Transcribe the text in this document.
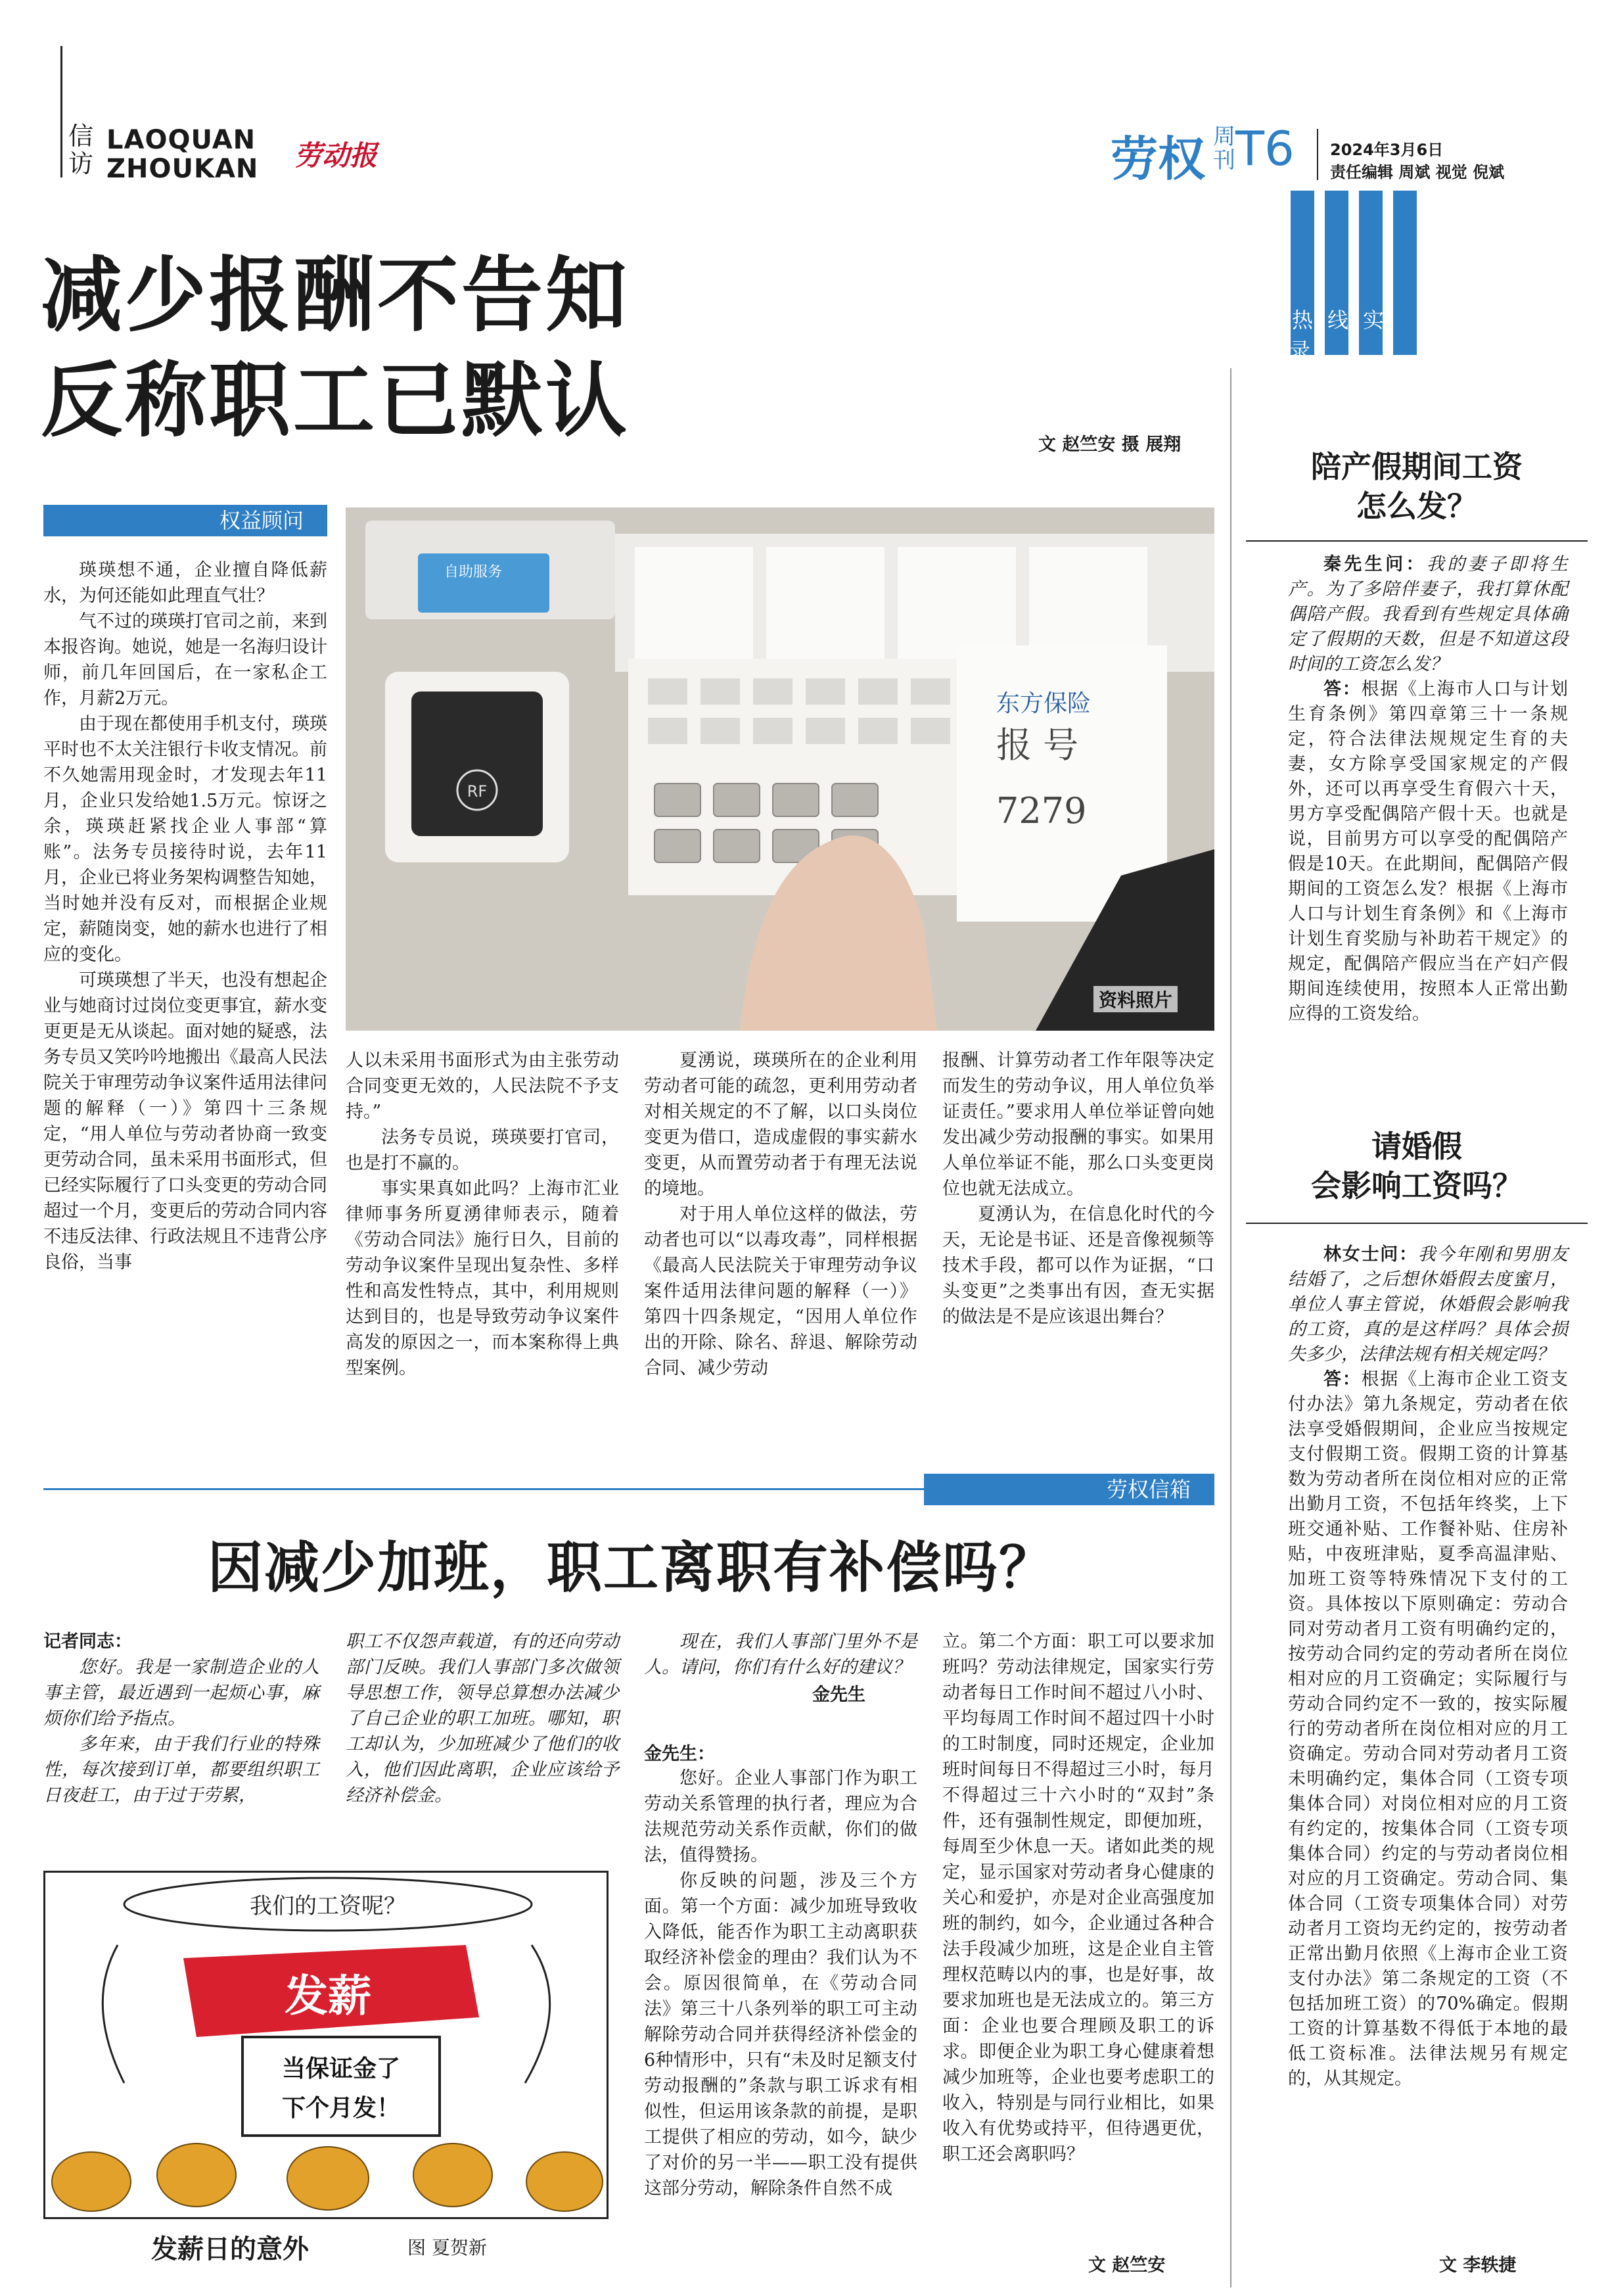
信访
LAOQUAN
ZHOUKAN 劳动报	劳权 周刊 T6 2024年3月6日
责任编辑 周斌 视觉 倪斌
热线实录
减少报酬不告知
反称职工已默认	文 赵竺安 摄 展翔
权益顾问
RF
东方保险
报 号
7279
自助服务
资料照片

瑛瑛想不通，企业擅自降低薪水，为何还能如此理直气壮？

气不过的瑛瑛打官司之前，来到本报咨询。她说，她是一名海归设计师，前几年回国后，在一家私企工作，月薪2万元。

由于现在都使用手机支付，瑛瑛平时也不太关注银行卡收支情况。前不久她需用现金时，才发现去年11月，企业只发给她1.5万元。惊讶之余，瑛瑛赶紧找企业人事部“算账”。法务专员接待时说，去年11月，企业已将业务架构调整告知她，当时她并没有反对，而根据企业规定，薪随岗变，她的薪水也进行了相应的变化。

可瑛瑛想了半天，也没有想起企业与她商讨过岗位变更事宜，薪水变更更是无从谈起。面对她的疑惑，法务专员又笑吟吟地搬出《最高人民法院关于审理劳动争议案件适用法律问题的解释（一）》第四十三条规定，“用人单位与劳动者协商一致变更劳动合同，虽未采用书面形式，但已经实际履行了口头变更的劳动合同超过一个月，变更后的劳动合同内容不违反法律、行政法规且不违背公序良俗，当事

人以未采用书面形式为由主张劳动合同变更无效的，人民法院不予支持。”

法务专员说，瑛瑛要打官司，也是打不赢的。

事实果真如此吗？上海市汇业律师事务所夏湧律师表示，随着《劳动合同法》施行日久，目前的劳动争议案件呈现出复杂性、多样性和高发性特点，其中，利用规则达到目的，也是导致劳动争议案件高发的原因之一，而本案称得上典型案例。

夏湧说，瑛瑛所在的企业利用劳动者可能的疏忽，更利用劳动者对相关规定的不了解，以口头岗位变更为借口，造成虚假的事实薪水变更，从而置劳动者于有理无法说的境地。

对于用人单位这样的做法，劳动者也可以“以毒攻毒”，同样根据《最高人民法院关于审理劳动争议案件适用法律问题的解释（一）》第四十四条规定，“因用人单位作出的开除、除名、辞退、解除劳动合同、减少劳动

报酬、计算劳动者工作年限等决定而发生的劳动争议，用人单位负举证责任。”要求用人单位举证曾向她发出减少劳动报酬的事实。如果用人单位举证不能，那么口头变更岗位也就无法成立。

夏湧认为，在信息化时代的今天，无论是书证、还是音像视频等技术手段，都可以作为证据，“口头变更”之类事出有因，查无实据的做法是不是应该退出舞台？

劳权信箱
因减少加班，职工离职有补偿吗？

记者同志：

您好。我是一家制造企业的人事主管，最近遇到一起烦心事，麻烦你们给予指点。

多年来，由于我们行业的特殊性，每次接到订单，都要组织职工日夜赶工，由于过于劳累，

职工不仅怨声载道，有的还向劳动部门反映。我们人事部门多次做领导思想工作，领导总算想办法减少了自己企业的职工加班。哪知，职工却认为，少加班减少了他们的收入，他们因此离职，企业应该给予经济补偿金。

现在，我们人事部门里外不是人。请问，你们有什么好的建议？

金先生
金先生：

您好。企业人事部门作为职工劳动关系管理的执行者，理应为合法规范劳动关系作贡献，你们的做法，值得赞扬。

你反映的问题，涉及三个方面。第一个方面：减少加班导致收入降低，能否作为职工主动离职获取经济补偿金的理由？我们认为不会。原因很简单，在《劳动合同法》第三十八条列举的职工可主动解除劳动合同并获得经济补偿金的6种情形中，只有“未及时足额支付劳动报酬的”条款与职工诉求有相似性，但运用该条款的前提，是职工提供了相应的劳动，如今，缺少了对价的另一半——职工没有提供这部分劳动，解除条件自然不成

立。第二个方面：职工可以要求加班吗？劳动法律规定，国家实行劳动者每日工作时间不超过八小时、平均每周工作时间不超过四十小时的工时制度，同时还规定，企业加班时间每日不得超过三小时，每月不得超过三十六小时的“双封”条件，还有强制性规定，即便加班，每周至少休息一天。诸如此类的规定，显示国家对劳动者身心健康的关心和爱护，亦是对企业高强度加班的制约，如今，企业通过各种合法手段减少加班，这是企业自主管理权范畴以内的事，也是好事，故要求加班也是无法成立的。第三方面：企业也要合理顾及职工的诉求。即便企业为职工身心健康着想减少加班等，企业也要考虑职工的收入，特别是与同行业相比，如果收入有优势或持平，但待遇更优，职工还会离职吗？

文 赵竺安
我们的工资呢？
发薪
当保证金了
下个月发！
发薪日的意外	图 夏贺新
陪产假期间工资
怎么发？

秦先生问：我的妻子即将生产。为了多陪伴妻子，我打算休配偶陪产假。我看到有些规定具体确定了假期的天数，但是不知道这段时间的工资怎么发？

答：根据《上海市人口与计划生育条例》第四章第三十一条规定，符合法律法规规定生育的夫妻，女方除享受国家规定的产假外，还可以再享受生育假六十天，男方享受配偶陪产假十天。也就是说，目前男方可以享受的配偶陪产假是10天。在此期间，配偶陪产假期间的工资怎么发？根据《上海市人口与计划生育条例》和《上海市计划生育奖励与补助若干规定》的规定，配偶陪产假应当在产妇产假期间连续使用，按照本人正常出勤应得的工资发给。

请婚假
会影响工资吗？

林女士问：我今年刚和男朋友结婚了，之后想休婚假去度蜜月，单位人事主管说，休婚假会影响我的工资，真的是这样吗？具体会损失多少，法律法规有相关规定吗？

答：根据《上海市企业工资支付办法》第九条规定，劳动者在依法享受婚假期间，企业应当按规定支付假期工资。假期工资的计算基数为劳动者所在岗位相对应的正常出勤月工资，不包括年终奖，上下班交通补贴、工作餐补贴、住房补贴，中夜班津贴，夏季高温津贴、加班工资等特殊情况下支付的工资。具体按以下原则确定：劳动合同对劳动者月工资有明确约定的，按劳动合同约定的劳动者所在岗位相对应的月工资确定；实际履行与劳动合同约定不一致的，按实际履行的劳动者所在岗位相对应的月工资确定。劳动合同对劳动者月工资未明确约定，集体合同（工资专项集体合同）对岗位相对应的月工资有约定的，按集体合同（工资专项集体合同）约定的与劳动者岗位相对应的月工资确定。劳动合同、集体合同（工资专项集体合同）对劳动者月工资均无约定的，按劳动者正常出勤月依照《上海市企业工资支付办法》第二条规定的工资（不包括加班工资）的70%确定。假期工资的计算基数不得低于本地的最低工资标准。法律法规另有规定的，从其规定。

文 李轶捷
